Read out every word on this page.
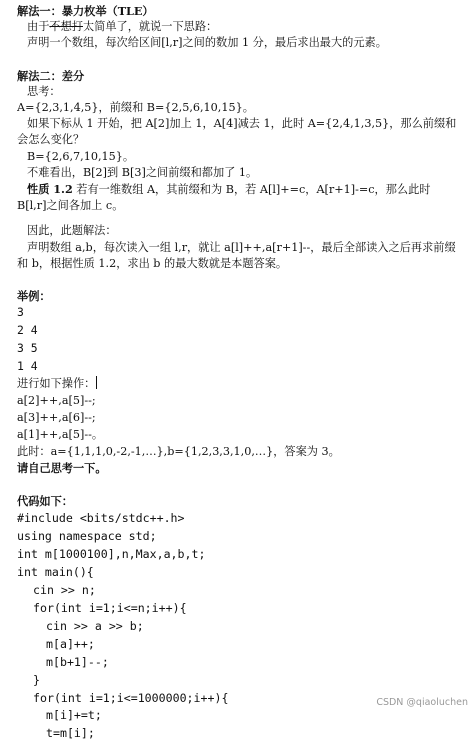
解法一：暴力枚举（TLE）
由于不想打太简单了，就说一下思路：
声明一个数组，每次给区间[l,r]之间的数加 1 分，最后求出最大的元素。
解法二：差分
思考：
A={2,3,1,4,5}，前缀和 B={2,5,6,10,15}。
如果下标从 1 开始，把 A[2]加上 1，A[4]减去 1，此时 A={2,4,1,3,5}，那么前缀和会怎么变化？
B={2,6,7,10,15}。
不难看出，B[2]到 B[3]之间前缀和都加了 1。
性质 1.2 若有一维数组 A，其前缀和为 B，若 A[l]+=c，A[r+1]-=c，那么此时 B[l,r]之间各加上 c。
因此，此题解法：
声明数组 a,b，每次读入一组 l,r，就让 a[l]++,a[r+1]--，最后全部读入之后再求前缀和 b，根据性质 1.2，求出 b 的最大数就是本题答案。
举例：
3
2 4
3 5
1 4
进行如下操作：
a[2]++,a[5]--;
a[3]++,a[6]--;
a[1]++,a[5]--。
此时：a={1,1,1,0,-2,-1,…},b={1,2,3,3,1,0,…}，答案为 3。
请自己思考一下。
代码如下：
#include <bits/stdc++.h>
using namespace std;
int m[1000100],n,Max,a,b,t;
int main(){
cin >> n;
for(int i=1;i<=n;i++){
cin >> a >> b;
m[a]++;
m[b+1]--;
}
for(int i=1;i<=1000000;i++){
m[i]+=t;
t=m[i];
CSDN @qiaoluchen
